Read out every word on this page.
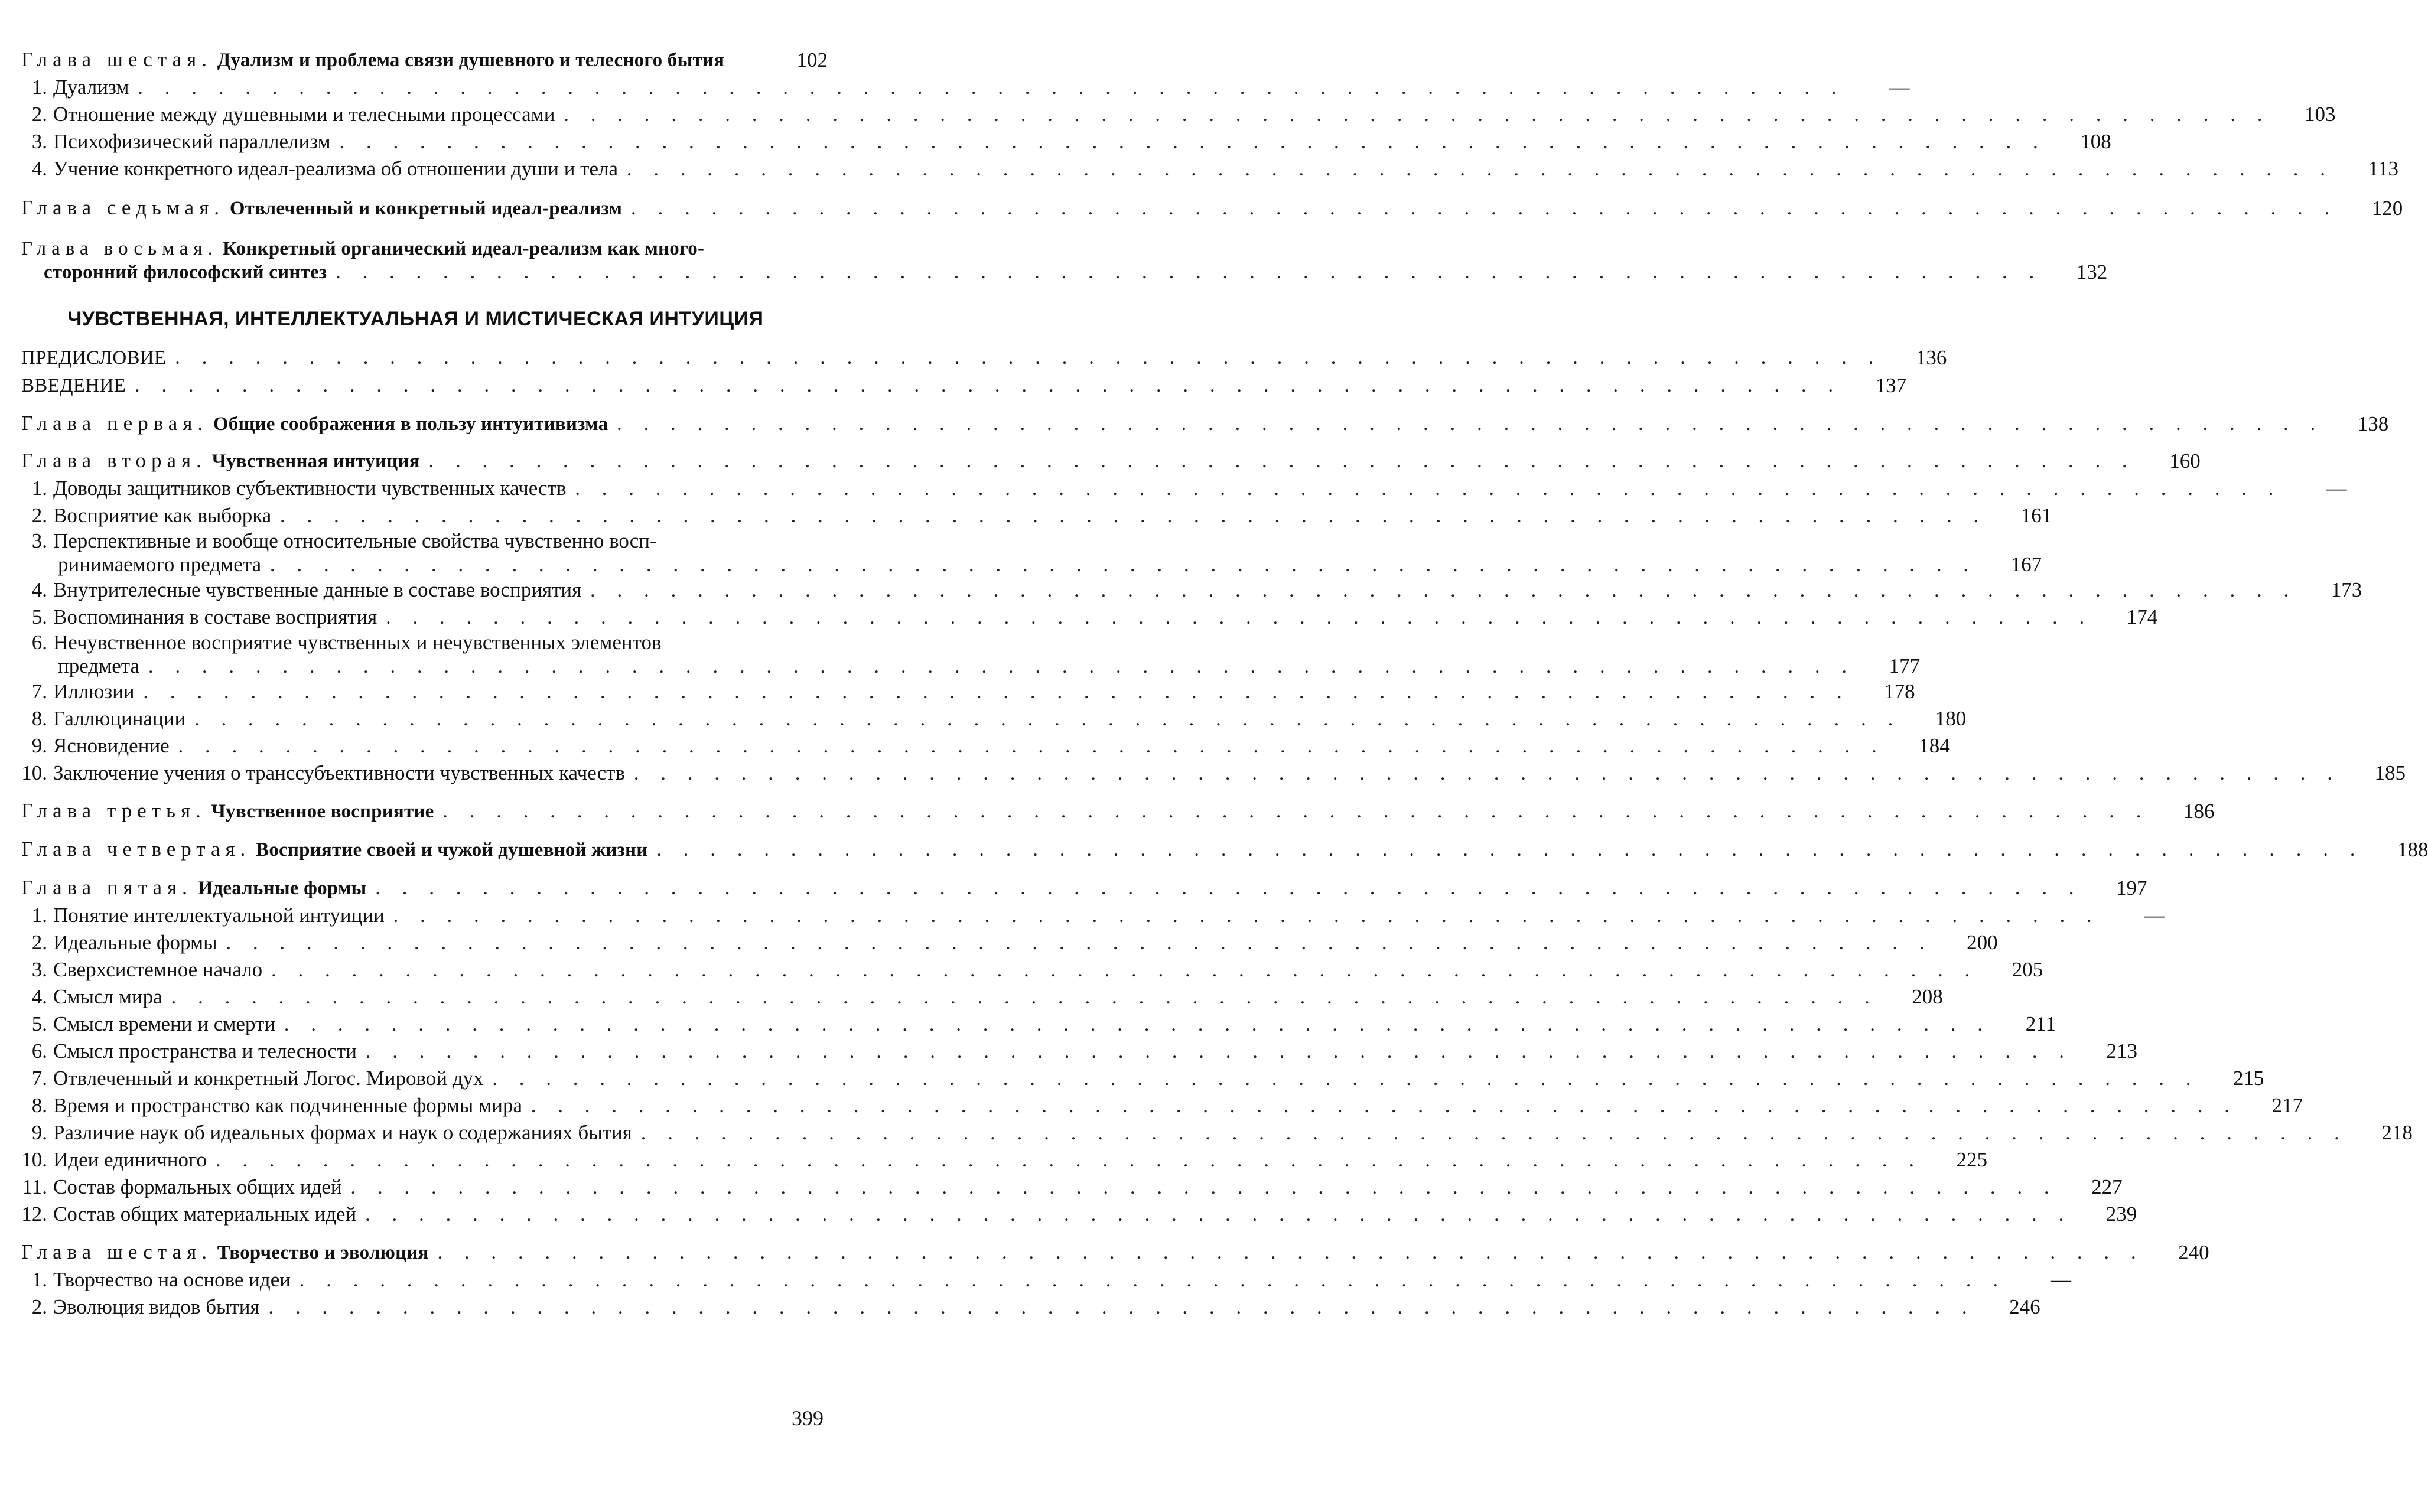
Глава шестая. Дуализм и проблема связи душевного и телесного бытия	102
1. Дуализм . . . . . . . . . . . . . . . . . . . . . . . . . . . . . . . . . . . . . . . . . . . . . . . . . . . . . . . . . . . . . . . .	—
2. Отношение между душевными и телесными процессами . . . . . . . . . . . . . . . . . . . . . . . . . . . . . . . . . . . . . . . . . . . . . . . . . . . . . . . . . . . . . . . .	103
3. Психофизический параллелизм . . . . . . . . . . . . . . . . . . . . . . . . . . . . . . . . . . . . . . . . . . . . . . . . . . . . . . . . . . . . . . . .	108
4. Учение конкретного идеал-реализма об отношении души и тела . . . . . . . . . . . . . . . . . . . . . . . . . . . . . . . . . . . . . . . . . . . . . . . . . . . . . . . . . . . . . . . .	113
Глава седьмая. Отвлеченный и конкретный идеал-реализм . . . . . . . . . . . . . . . . . . . . . . . . . . . . . . . . . . . . . . . . . . . . . . . . . . . . . . . . . . . . . . . .	120
Глава восьмая. Конкретный органический идеал-реализм как много-
сторонний философский синтез . . . . . . . . . . . . . . . . . . . . . . . . . . . . . . . . . . . . . . . . . . . . . . . . . . . . . . . . . . . . . . . .	132
ЧУВСТВЕННАЯ, ИНТЕЛЛЕКТУАЛЬНАЯ И МИСТИЧЕСКАЯ ИНТУИЦИЯ
ПРЕДИСЛОВИЕ . . . . . . . . . . . . . . . . . . . . . . . . . . . . . . . . . . . . . . . . . . . . . . . . . . . . . . . . . . . . . . . .	136
ВВЕДЕНИЕ . . . . . . . . . . . . . . . . . . . . . . . . . . . . . . . . . . . . . . . . . . . . . . . . . . . . . . . . . . . . . . . .	137
Глава первая. Общие соображения в пользу интуитивизма . . . . . . . . . . . . . . . . . . . . . . . . . . . . . . . . . . . . . . . . . . . . . . . . . . . . . . . . . . . . . . . .	138
Глава вторая. Чувственная интуиция . . . . . . . . . . . . . . . . . . . . . . . . . . . . . . . . . . . . . . . . . . . . . . . . . . . . . . . . . . . . . . . .	160
1. Доводы защитников субъективности чувственных качеств . . . . . . . . . . . . . . . . . . . . . . . . . . . . . . . . . . . . . . . . . . . . . . . . . . . . . . . . . . . . . . . .	—
2. Восприятие как выборка . . . . . . . . . . . . . . . . . . . . . . . . . . . . . . . . . . . . . . . . . . . . . . . . . . . . . . . . . . . . . . . .	161
3. Перспективные и вообще относительные свойства чувственно восп-
ринимаемого предмета . . . . . . . . . . . . . . . . . . . . . . . . . . . . . . . . . . . . . . . . . . . . . . . . . . . . . . . . . . . . . . . .	167
4. Внутрителесные чувственные данные в составе восприятия . . . . . . . . . . . . . . . . . . . . . . . . . . . . . . . . . . . . . . . . . . . . . . . . . . . . . . . . . . . . . . . .	173
5. Воспоминания в составе восприятия . . . . . . . . . . . . . . . . . . . . . . . . . . . . . . . . . . . . . . . . . . . . . . . . . . . . . . . . . . . . . . . .	174
6. Нечувственное восприятие чувственных и нечувственных элементов
предмета . . . . . . . . . . . . . . . . . . . . . . . . . . . . . . . . . . . . . . . . . . . . . . . . . . . . . . . . . . . . . . . .	177
7. Иллюзии . . . . . . . . . . . . . . . . . . . . . . . . . . . . . . . . . . . . . . . . . . . . . . . . . . . . . . . . . . . . . . . .	178
8. Галлюцинации . . . . . . . . . . . . . . . . . . . . . . . . . . . . . . . . . . . . . . . . . . . . . . . . . . . . . . . . . . . . . . . .	180
9. Ясновидение . . . . . . . . . . . . . . . . . . . . . . . . . . . . . . . . . . . . . . . . . . . . . . . . . . . . . . . . . . . . . . . .	184
10. Заключение учения о транссубъективности чувственных качеств . . . . . . . . . . . . . . . . . . . . . . . . . . . . . . . . . . . . . . . . . . . . . . . . . . . . . . . . . . . . . . . .	185
Глава третья. Чувственное восприятие . . . . . . . . . . . . . . . . . . . . . . . . . . . . . . . . . . . . . . . . . . . . . . . . . . . . . . . . . . . . . . . .	186
Глава четвертая. Восприятие своей и чужой душевной жизни . . . . . . . . . . . . . . . . . . . . . . . . . . . . . . . . . . . . . . . . . . . . . . . . . . . . . . . . . . . . . . . .	188
Глава пятая. Идеальные формы . . . . . . . . . . . . . . . . . . . . . . . . . . . . . . . . . . . . . . . . . . . . . . . . . . . . . . . . . . . . . . . .	197
1. Понятие интеллектуальной интуиции . . . . . . . . . . . . . . . . . . . . . . . . . . . . . . . . . . . . . . . . . . . . . . . . . . . . . . . . . . . . . . . .	—
2. Идеальные формы . . . . . . . . . . . . . . . . . . . . . . . . . . . . . . . . . . . . . . . . . . . . . . . . . . . . . . . . . . . . . . . .	200
3. Сверхсистемное начало . . . . . . . . . . . . . . . . . . . . . . . . . . . . . . . . . . . . . . . . . . . . . . . . . . . . . . . . . . . . . . . .	205
4. Смысл мира . . . . . . . . . . . . . . . . . . . . . . . . . . . . . . . . . . . . . . . . . . . . . . . . . . . . . . . . . . . . . . . .	208
5. Смысл времени и смерти . . . . . . . . . . . . . . . . . . . . . . . . . . . . . . . . . . . . . . . . . . . . . . . . . . . . . . . . . . . . . . . .	211
6. Смысл пространства и телесности . . . . . . . . . . . . . . . . . . . . . . . . . . . . . . . . . . . . . . . . . . . . . . . . . . . . . . . . . . . . . . . .	213
7. Отвлеченный и конкретный Логос. Мировой дух . . . . . . . . . . . . . . . . . . . . . . . . . . . . . . . . . . . . . . . . . . . . . . . . . . . . . . . . . . . . . . . .	215
8. Время и пространство как подчиненные формы мира . . . . . . . . . . . . . . . . . . . . . . . . . . . . . . . . . . . . . . . . . . . . . . . . . . . . . . . . . . . . . . . .	217
9. Различие наук об идеальных формах и наук о содержаниях бытия . . . . . . . . . . . . . . . . . . . . . . . . . . . . . . . . . . . . . . . . . . . . . . . . . . . . . . . . . . . . . . . .	218
10. Идеи единичного . . . . . . . . . . . . . . . . . . . . . . . . . . . . . . . . . . . . . . . . . . . . . . . . . . . . . . . . . . . . . . . .	225
11. Состав формальных общих идей . . . . . . . . . . . . . . . . . . . . . . . . . . . . . . . . . . . . . . . . . . . . . . . . . . . . . . . . . . . . . . . .	227
12. Состав общих материальных идей . . . . . . . . . . . . . . . . . . . . . . . . . . . . . . . . . . . . . . . . . . . . . . . . . . . . . . . . . . . . . . . .	239
Глава шестая. Творчество и эволюция . . . . . . . . . . . . . . . . . . . . . . . . . . . . . . . . . . . . . . . . . . . . . . . . . . . . . . . . . . . . . . . .	240
1. Творчество на основе идеи . . . . . . . . . . . . . . . . . . . . . . . . . . . . . . . . . . . . . . . . . . . . . . . . . . . . . . . . . . . . . . . .	—
2. Эволюция видов бытия . . . . . . . . . . . . . . . . . . . . . . . . . . . . . . . . . . . . . . . . . . . . . . . . . . . . . . . . . . . . . . . .	246
399
